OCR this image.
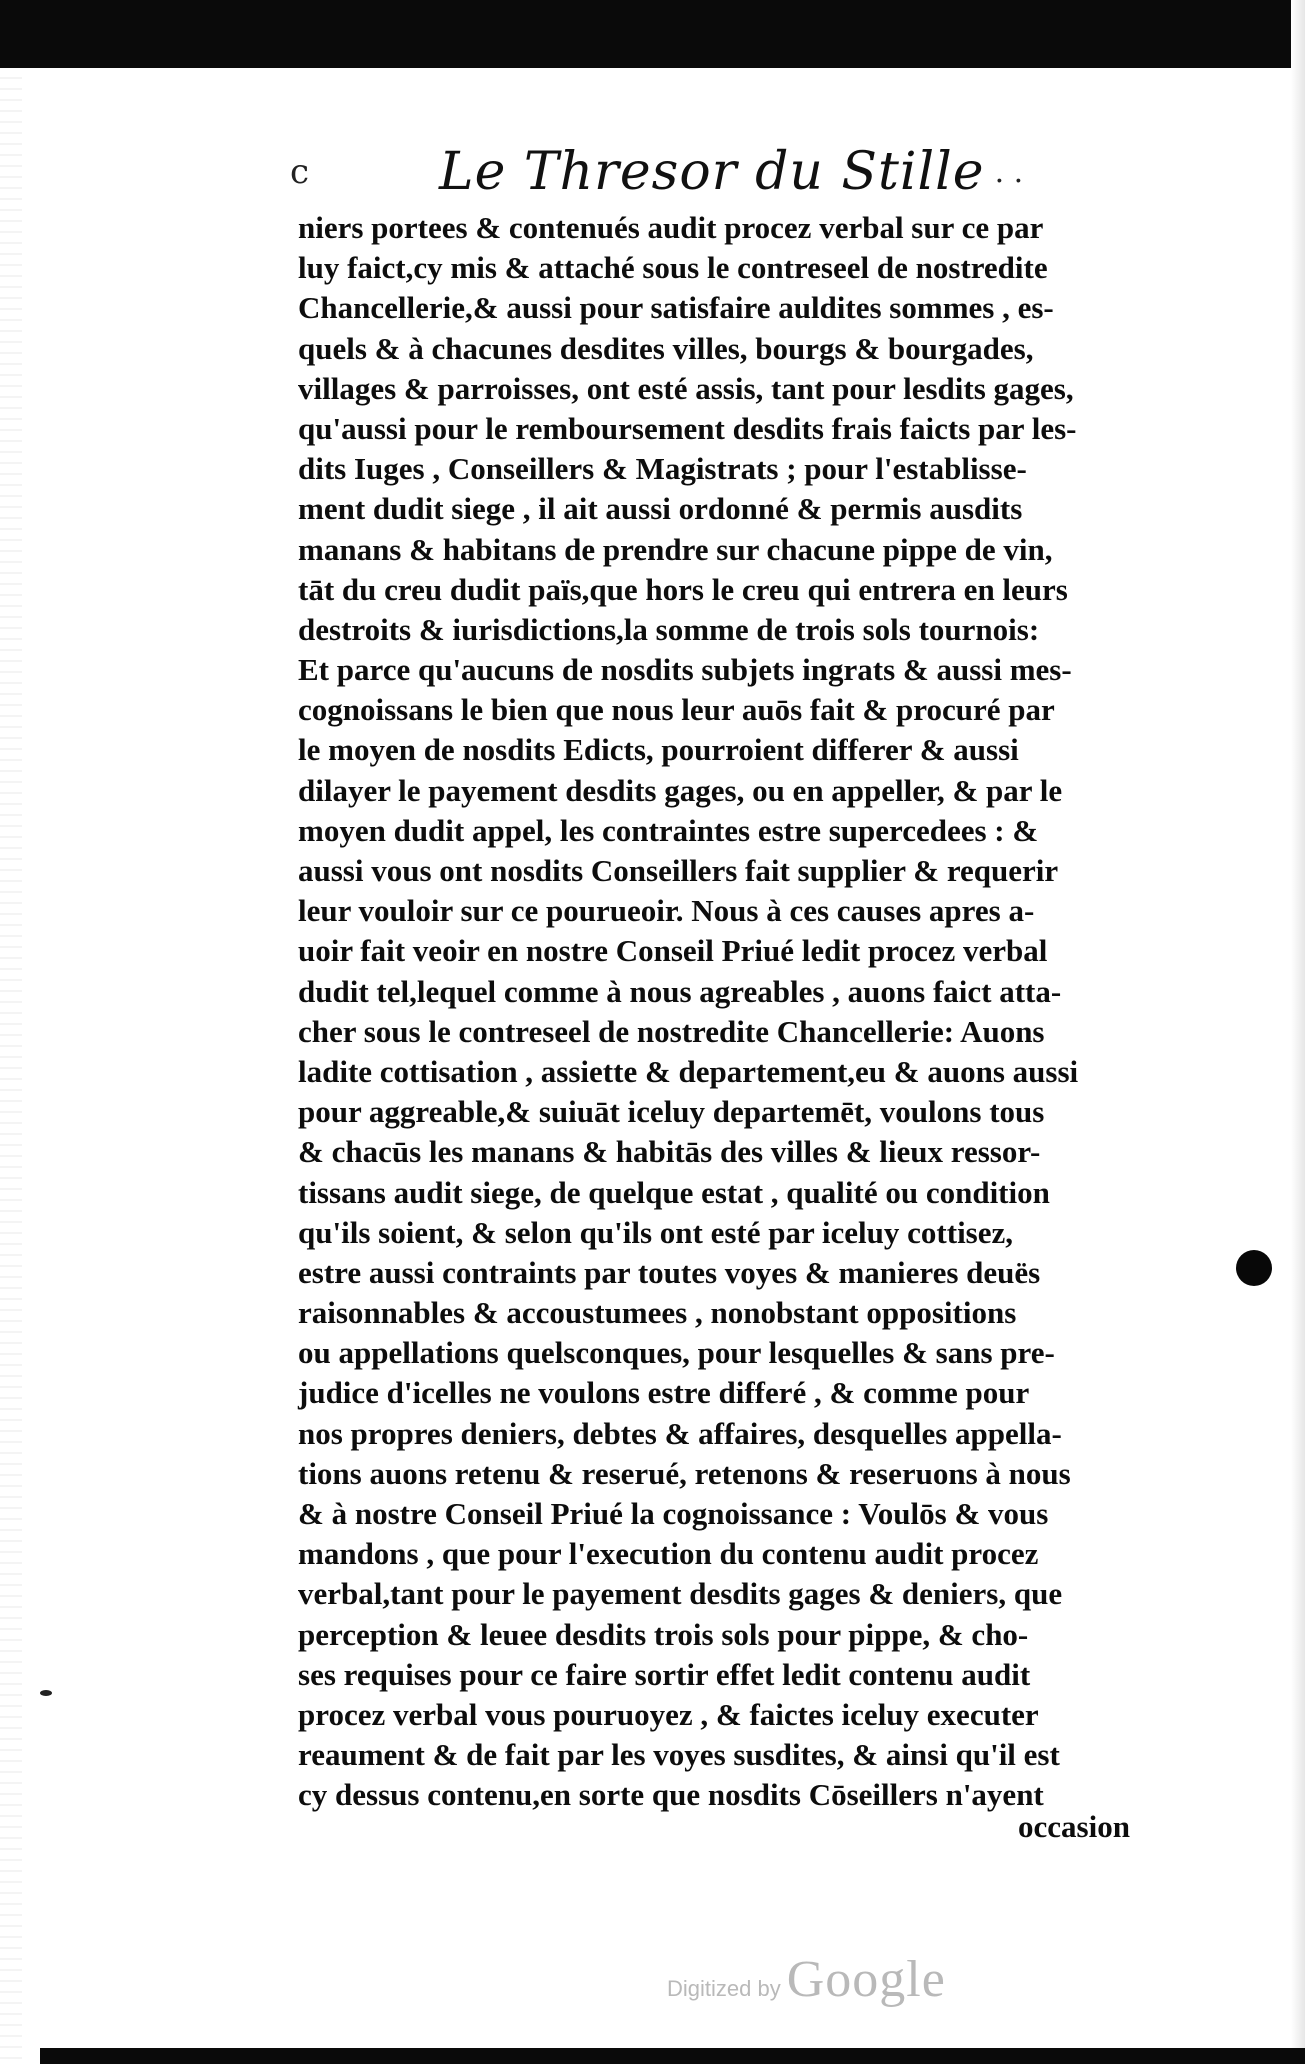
c	Le Thresor du Stille . .
niers portees & contenués audit procez verbal sur ce par
luy faict,cy mis & attaché sous le contreseel de nostredite
Chancellerie,& aussi pour satisfaire auldites sommes , es-
quels & à chacunes desdites villes, bourgs & bourgades,
villages & parroisses, ont esté assis, tant pour lesdits gages,
qu'aussi pour le remboursement desdits frais faicts par les-
dits Iuges , Conseillers & Magistrats ; pour l'establisse-
ment dudit siege , il ait aussi ordonné & permis ausdits
manans & habitans de prendre sur chacune pippe de vin,
tāt du creu dudit païs,que hors le creu qui entrera en leurs
destroits & iurisdictions,la somme de trois sols tournois:
Et parce qu'aucuns de nosdits subjets ingrats & aussi mes-
cognoissans le bien que nous leur auōs fait & procuré par
le moyen de nosdits Edicts, pourroient differer & aussi
dilayer le payement desdits gages, ou en appeller, & par le
moyen dudit appel, les contraintes estre supercedees : &
aussi vous ont nosdits Conseillers fait supplier & requerir
leur vouloir sur ce pourueoir. Nous à ces causes apres a-
uoir fait veoir en nostre Conseil Priué ledit procez verbal
dudit tel,lequel comme à nous agreables , auons faict atta-
cher sous le contreseel de nostredite Chancellerie: Auons
ladite cottisation , assiette & departement,eu & auons aussi
pour aggreable,& suiuāt iceluy departemēt, voulons tous
& chacūs les manans & habitās des villes & lieux ressor-
tissans audit siege, de quelque estat , qualité ou condition
qu'ils soient, & selon qu'ils ont esté par iceluy cottisez,
estre aussi contraints par toutes voyes & manieres deuës
raisonnables & accoustumees , nonobstant oppositions
ou appellations quelsconques, pour lesquelles & sans pre-
judice d'icelles ne voulons estre differé , & comme pour
nos propres deniers, debtes & affaires, desquelles appella-
tions auons retenu & reserué, retenons & reseruons à nous
& à nostre Conseil Priué la cognoissance : Voulōs & vous
mandons , que pour l'execution du contenu audit procez
verbal,tant pour le payement desdits gages & deniers, que
perception & leuee desdits trois sols pour pippe, & cho-
ses requises pour ce faire sortir effet ledit contenu audit
procez verbal vous pouruoyez , & faictes iceluy executer
reaument & de fait par les voyes susdites, & ainsi qu'il est
cy dessus contenu,en sorte que nosdits Cōseillers n'ayent
occasion
Digitized by Google
